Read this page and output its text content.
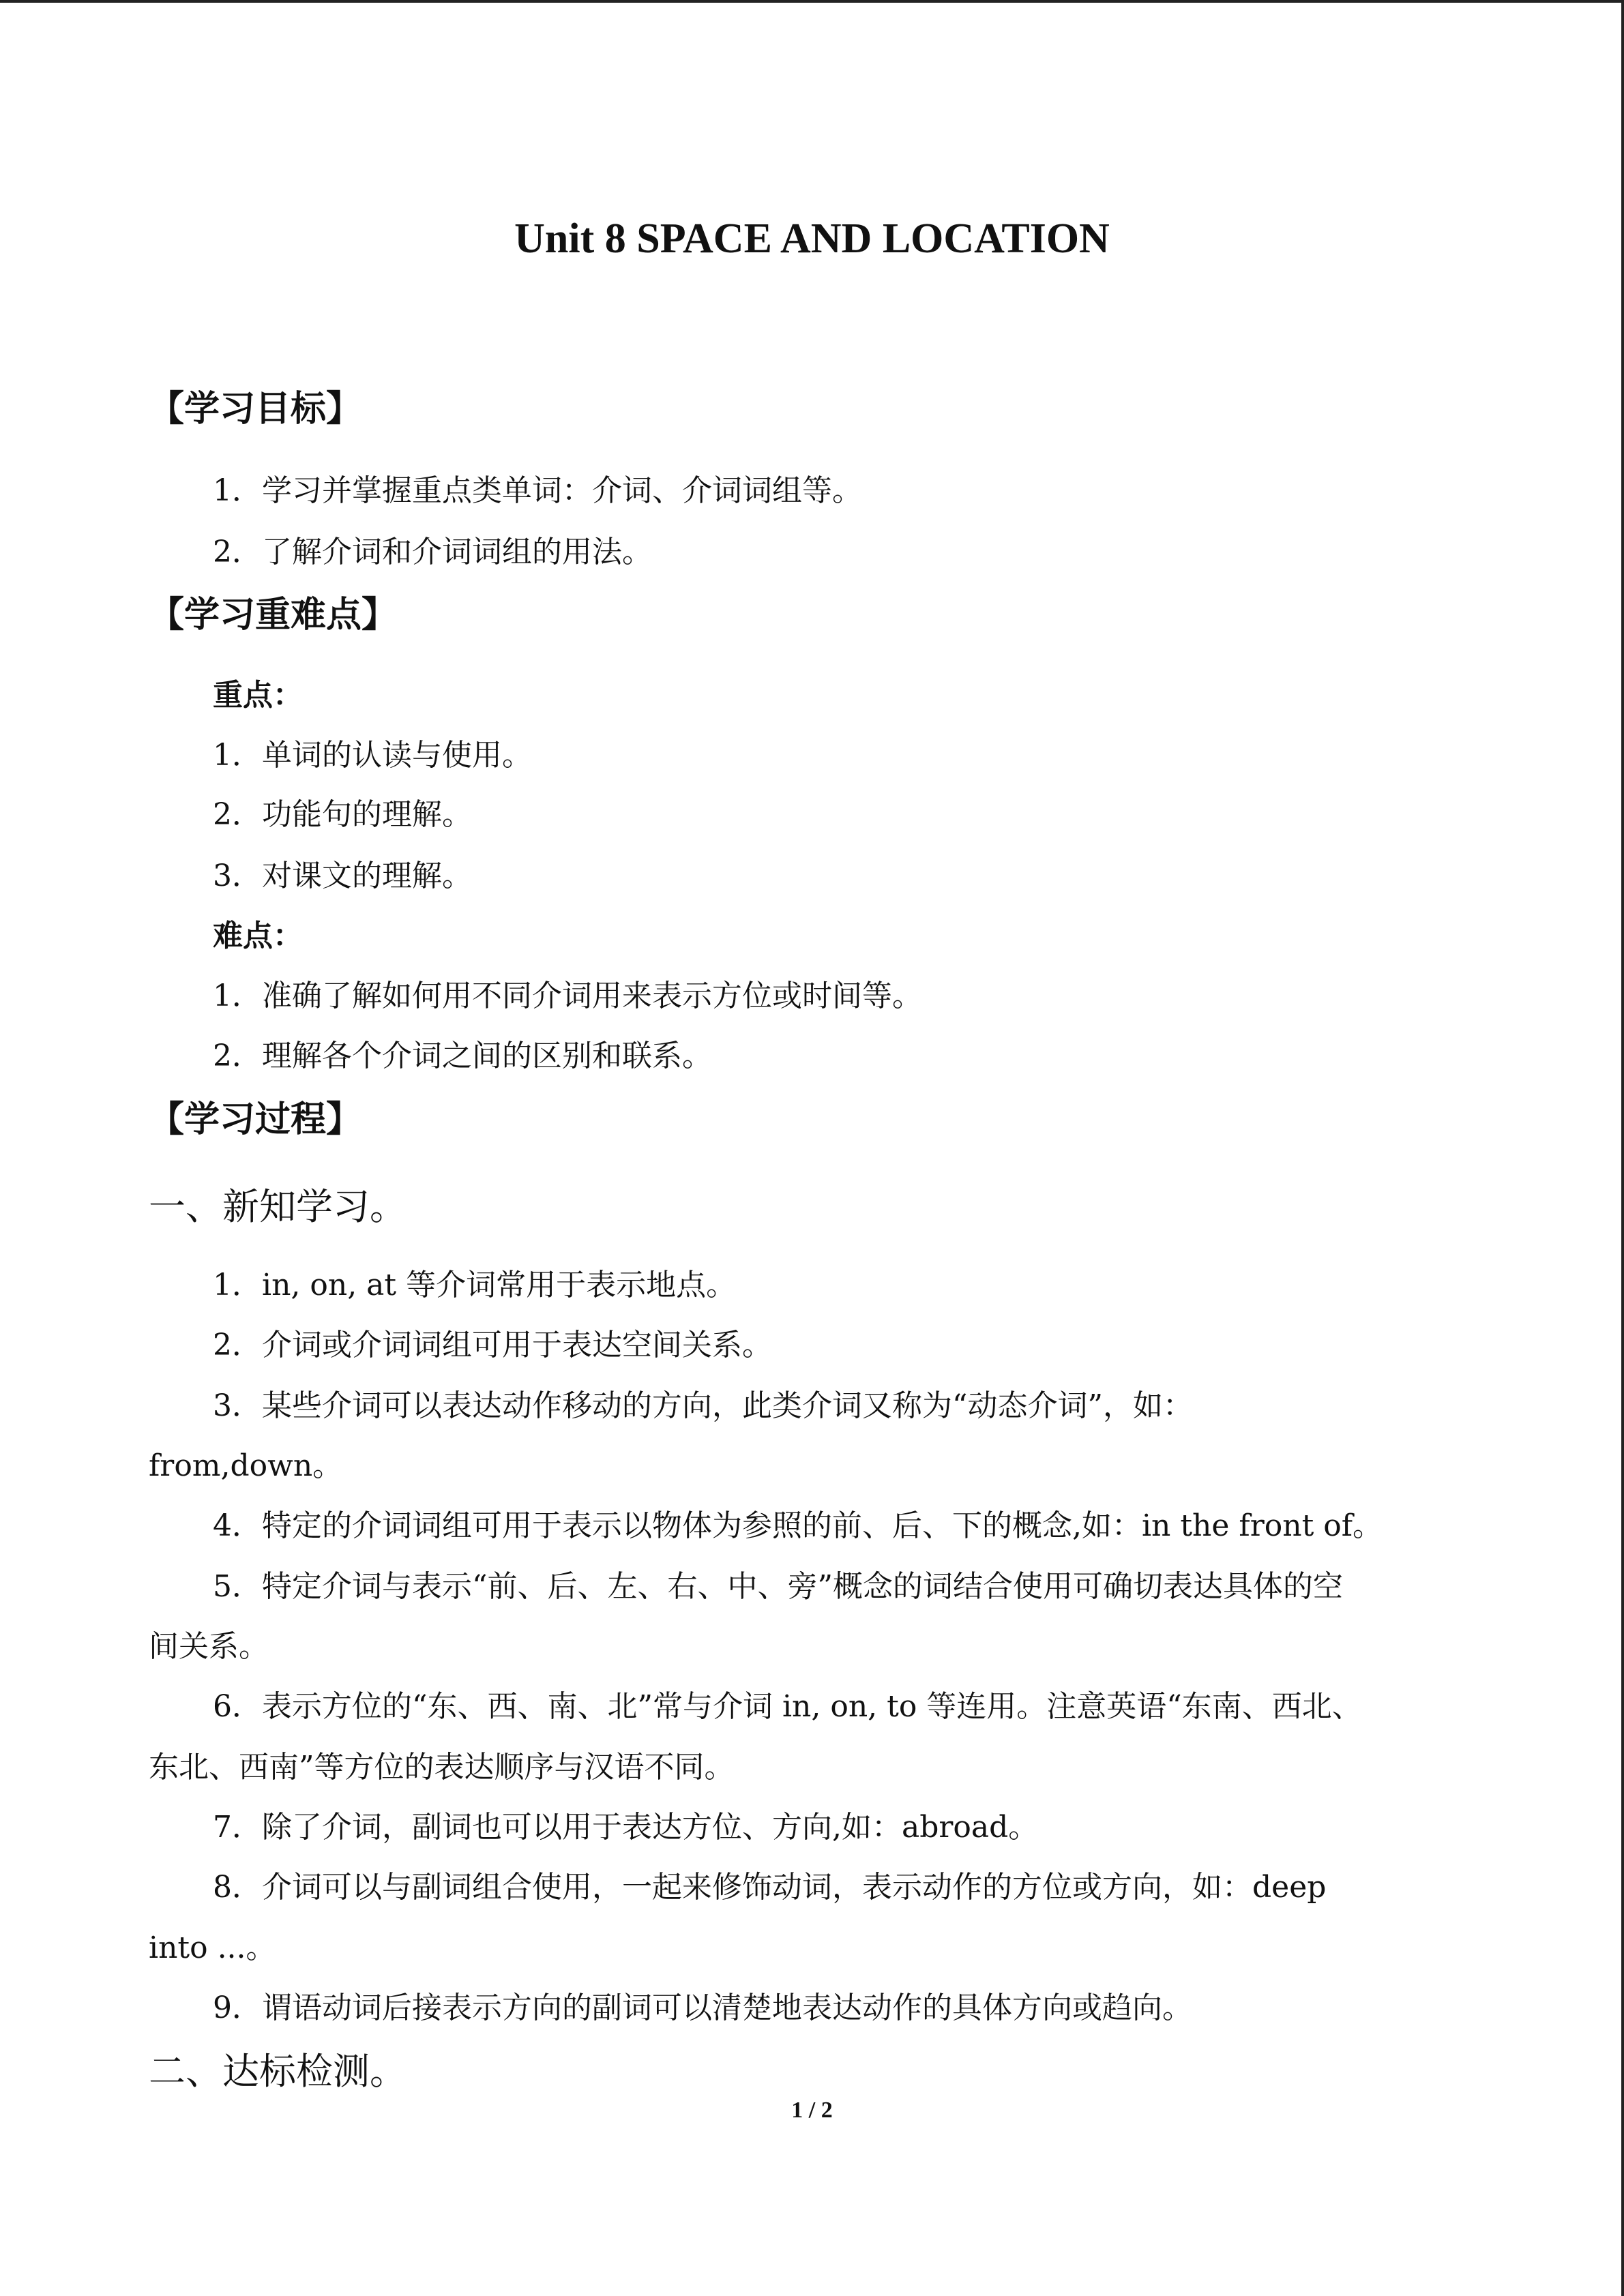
Unit 8 SPACE AND LOCATION
【学习目标】
1．学习并掌握重点类单词：介词、介词词组等。
2．了解介词和介词词组的用法。
【学习重难点】
重点：
1．单词的认读与使用。
2．功能句的理解。
3．对课文的理解。
难点：
1．准确了解如何用不同介词用来表示方位或时间等。
2．理解各个介词之间的区别和联系。
【学习过程】
一、新知学习。
1．in, on, at 等介词常用于表示地点。
2．介词或介词词组可用于表达空间关系。
3．某些介词可以表达动作移动的方向，此类介词又称为“动态介词”，如：
from,down。
4．特定的介词词组可用于表示以物体为参照的前、后、下的概念,如：in the front of。
5．特定介词与表示“前、后、左、右、中、旁”概念的词结合使用可确切表达具体的空
间关系。
6．表示方位的“东、西、南、北”常与介词 in, on, to 等连用。注意英语“东南、西北、
东北、西南”等方位的表达顺序与汉语不同。
7．除了介词，副词也可以用于表达方位、方向,如：abroad。
8．介词可以与副词组合使用，一起来修饰动词，表示动作的方位或方向，如：deep
into ...。
9．谓语动词后接表示方向的副词可以清楚地表达动作的具体方向或趋向。
二、达标检测。
1 / 2
